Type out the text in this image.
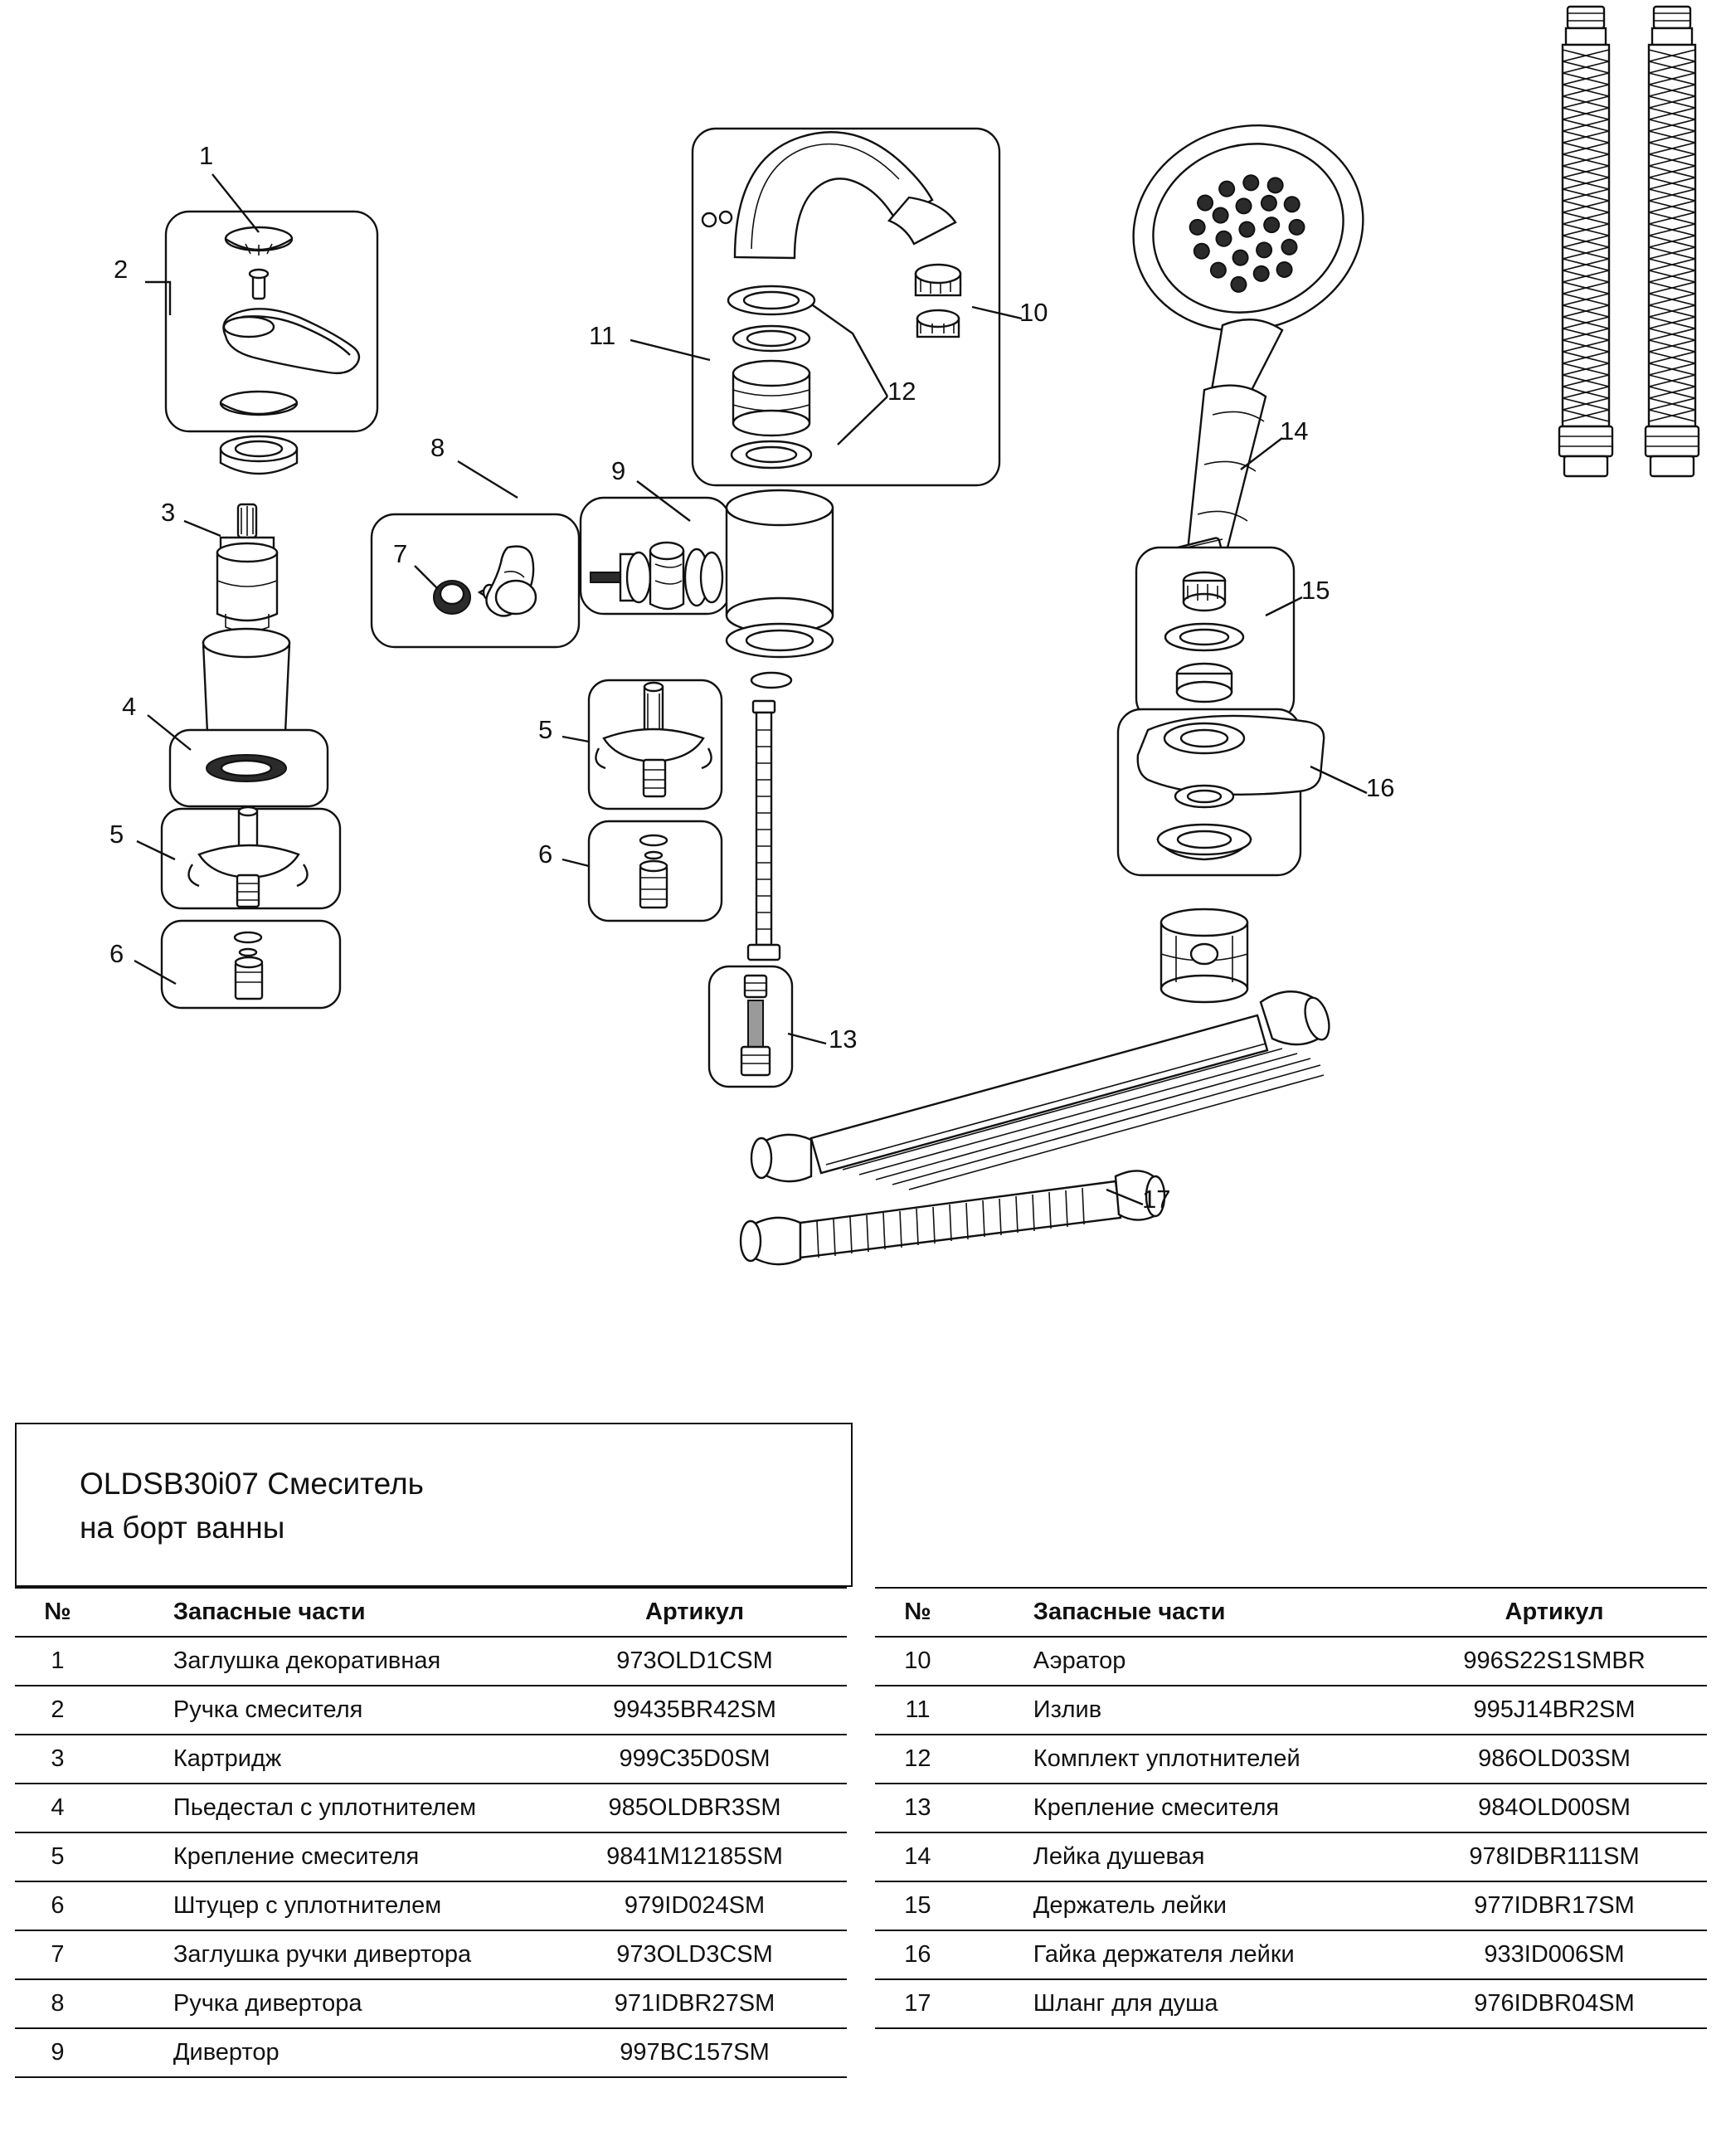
1
2
3
4
5
6
7
8
9
10
11
12
13
14
15
16
5
6
17
OLDSB30i07 Смеситель
на борт ванны
№	Запасные части	Артикул
1	Заглушка декоративная	973OLD1CSM
2	Ручка смесителя	99435BR42SM
3	Картридж	999C35D0SM
4	Пьедестал с уплотнителем	985OLDBR3SM
5	Крепление смесителя	9841M12185SM
6	Штуцер с уплотнителем	979ID024SM
7	Заглушка ручки дивертора	973OLD3CSM
8	Ручка дивертора	971IDBR27SM
9	Дивертор	997BC157SM
№	Запасные части	Артикул
10	Аэратор	996S22S1SMBR
11	Излив	995J14BR2SM
12	Комплект уплотнителей	986OLD03SM
13	Крепление смесителя	984OLD00SM
14	Лейка душевая	978IDBR111SM
15	Держатель лейки	977IDBR17SM
16	Гайка держателя лейки	933ID006SM
17	Шланг для душа	976IDBR04SM
